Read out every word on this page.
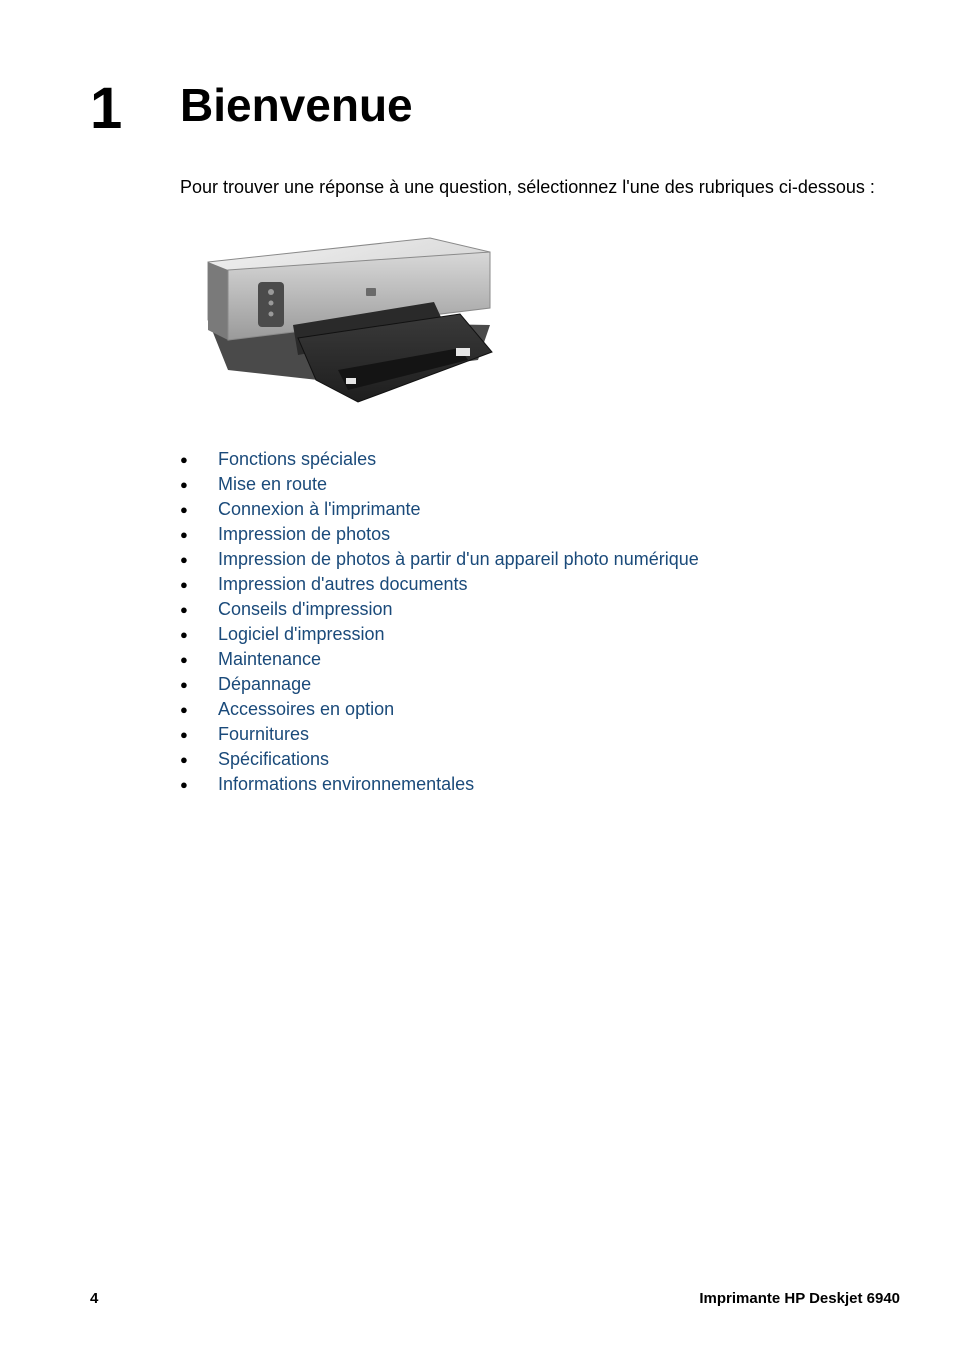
1 Bienvenue
Pour trouver une réponse à une question, sélectionnez l'une des rubriques ci-dessous :
● Fonctions spéciales
● Mise en route
● Connexion à l'imprimante
● Impression de photos
● Impression de photos à partir d'un appareil photo numérique
● Impression d'autres documents
● Conseils d'impression
● Logiciel d'impression
● Maintenance
● Dépannage
● Accessoires en option
● Fournitures
● Spécifications
● Informations environnementales
4	Imprimante HP Deskjet 6940
